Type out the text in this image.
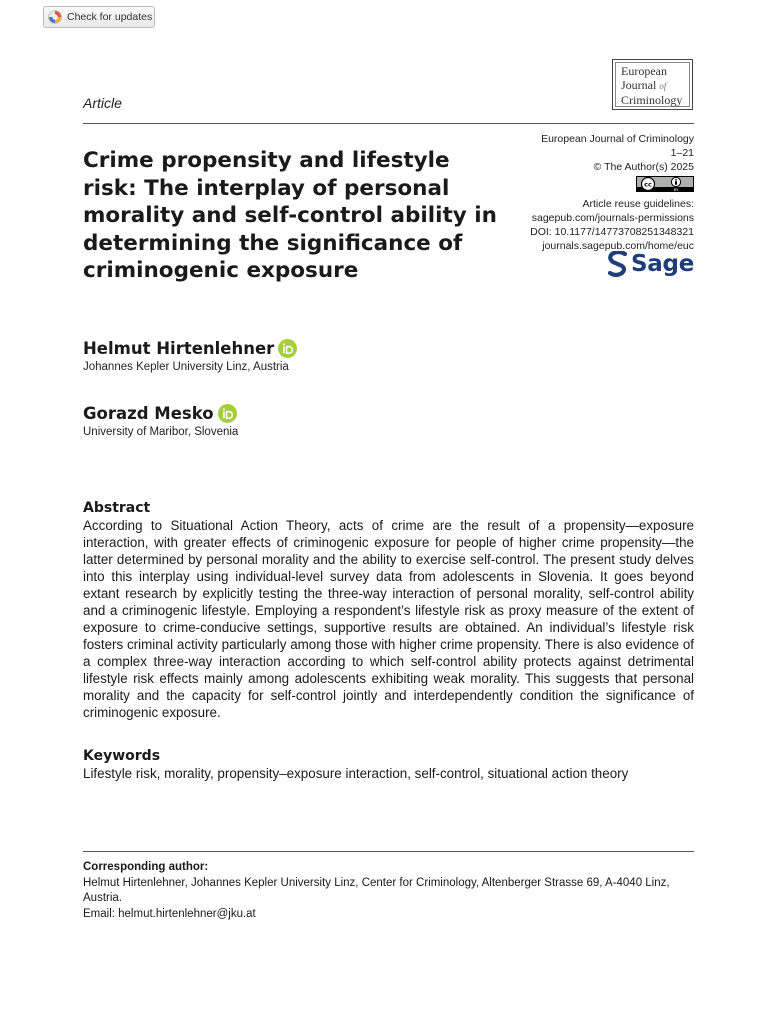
Check for updates
European
Journal of
Criminology
Article
Crime propensity and lifestyle risk: The interplay of personal morality and self-control ability in determining the significance of criminogenic exposure
European Journal of Criminology
1–21
© The Author(s) 2025
cc
BY
Article reuse guidelines:
sagepub.com/journals-permissions
DOI: 10.1177/14773708251348321
journals.sagepub.com/home/euc
Sage
Helmut Hirtenlehner
Johannes Kepler University Linz, Austria
Gorazd Mesko
University of Maribor, Slovenia
Abstract

According to Situational Action Theory, acts of crime are the result of a propensity—exposure interaction, with greater effects of criminogenic exposure for people of higher crime propensity—the latter determined by personal morality and the ability to exercise self-control. The present study delves into this interplay using individual-level survey data from adolescents in Slovenia. It goes beyond extant research by explicitly testing the three-way interaction of personal morality, self-control ability and a criminogenic lifestyle. Employing a respondent’s lifestyle risk as proxy measure of the extent of exposure to crime-conducive settings, supportive results are obtained. An individual’s lifestyle risk fosters criminal activity particularly among those with higher crime propensity. There is also evidence of a complex three-way interaction according to which self-control ability protects against detrimental lifestyle risk effects mainly among adolescents exhibiting weak morality. This suggests that personal morality and the capacity for self-control jointly and interdependently condition the significance of criminogenic exposure.

Keywords
Lifestyle risk, morality, propensity–exposure interaction, self-control, situational action theory
Corresponding author:
Helmut Hirtenlehner, Johannes Kepler University Linz, Center for Criminology, Altenberger Strasse 69, A-4040 Linz, Austria.
Email: helmut.hirtenlehner@jku.at
